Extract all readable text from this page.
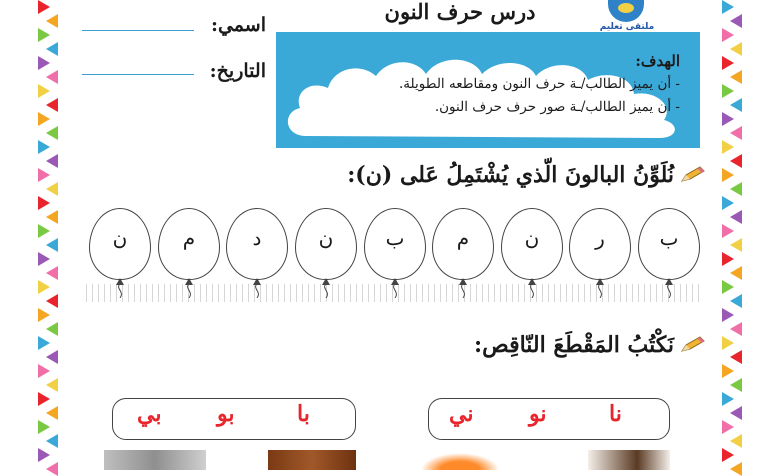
درس حرف النون
ملتقى تعليم
اسمي:
التاريخ:	الهدف:
- أن يميز الطالب/ـة حرف النون ومقاطعه الطويلة.
- أن يميز الطالب/ـة صور حرف حرف النون.
نُلَوِّنُ البالونَ الّذي يُشْتَمِلُ عَلى (ن):
ب
ر
ن
م
ب
ن
د
م
ن
نَكْتُبُ المَقْطَعَ النّاقِص:
نا
نو
ني
با
بو
بي
